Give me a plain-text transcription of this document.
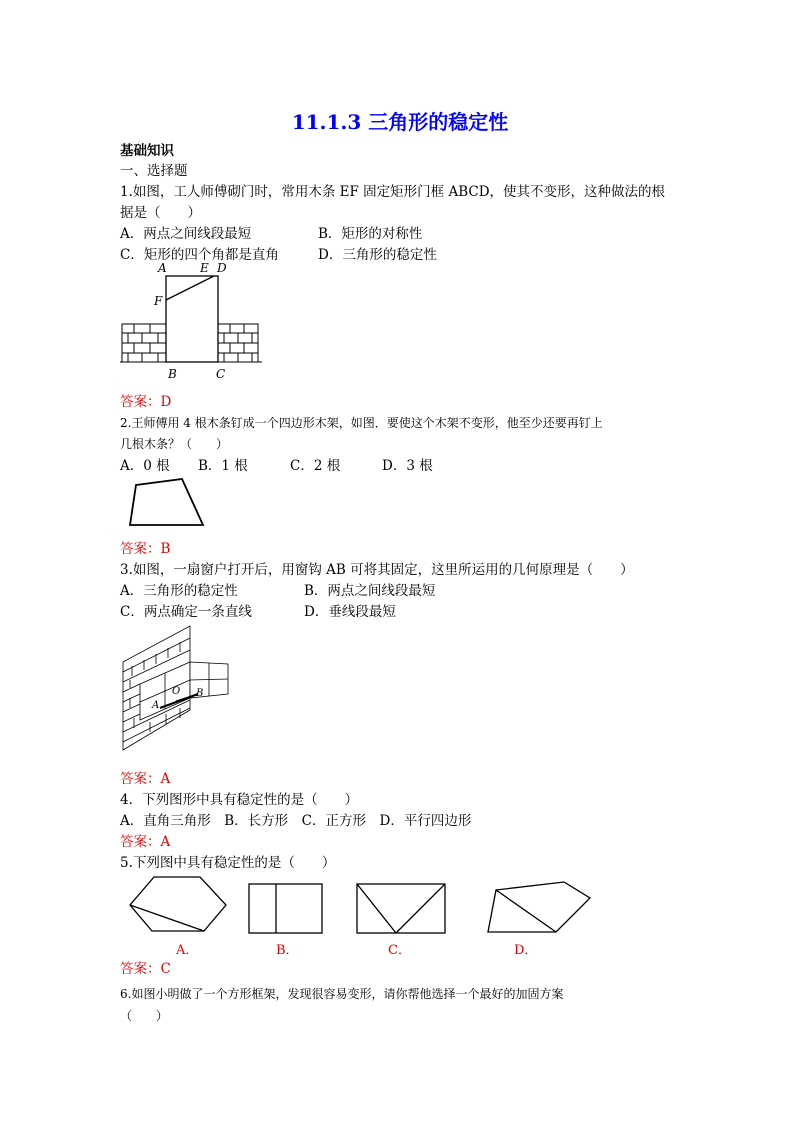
11.1.3 三角形的稳定性
基础知识
一、选择题
1.如图，工人师傅砌门时，常用木条 EF 固定矩形门框 ABCD，使其不变形，这种做法的根
据是（　　）
A．两点之间线段最短	B．矩形的对称性
C．矩形的四个角都是直角	D．三角形的稳定性
A	E D
F
B	C
答案：D
2.王师傅用 4 根木条钉成一个四边形木架，如图．要使这个木架不变形，他至少还要再钉上
几根木条？（　　）
A．0 根 B．1 根	C．2 根	D．3 根
答案：B
3.如图，一扇窗户打开后，用窗钩 AB 可将其固定，这里所运用的几何原理是（　　）
A．三角形的稳定性	B．两点之间线段最短
C．两点确定一条直线	D．垂线段最短
A
O B
答案：A
4．下列图形中具有稳定性的是（　　）
A．直角三角形　B．长方形　C．正方形　D．平行四边形
答案：A
5.下列图中具有稳定性的是（　　）
A．	B．	C．	D．
答案：C
6.如图小明做了一个方形框架，发现很容易变形，请你帮他选择一个最好的加固方案
（　　）
